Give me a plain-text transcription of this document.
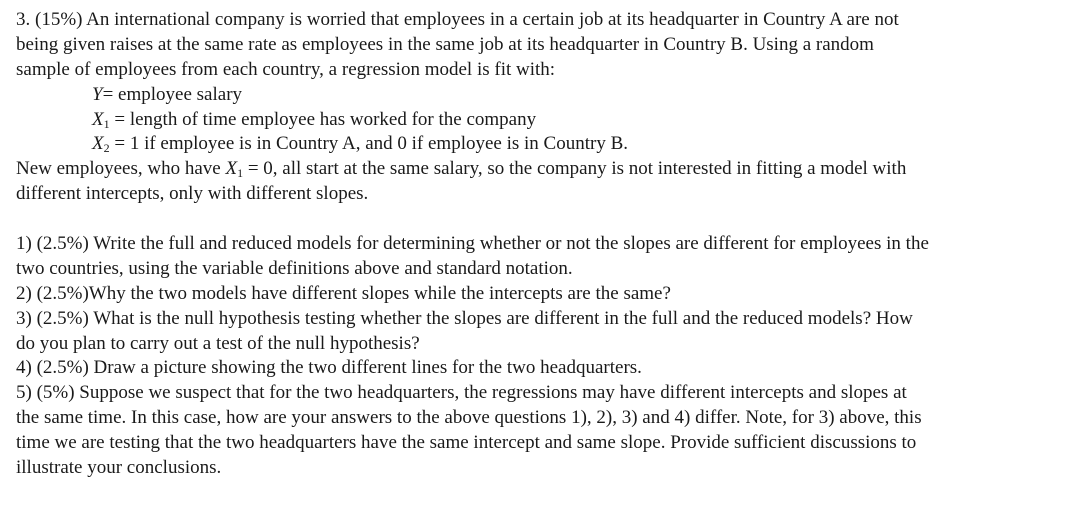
3. (15%) An international company is worried that employees in a certain job at its headquarter in Country A are not
being given raises at the same rate as employees in the same job at its headquarter in Country B. Using a random
sample of employees from each country, a regression model is fit with:
Y= employee salary
$X_1$ = length of time employee has worked for the company
$X_2 = 1$ if employee is in Country A, and 0 if employee is in Country B.
New employees, who have $X_1 = 0$, all start at the same salary, so the company is not interested in fitting a model with
different intercepts, only with different slopes.
1) (2.5%) Write the full and reduced models for determining whether or not the slopes are different for employees in the
two countries, using the variable definitions above and standard notation.
2) (2.5%)Why the two models have different slopes while the intercepts are the same?
3) (2.5%) What is the null hypothesis testing whether the slopes are different in the full and the reduced models? How
do you plan to carry out a test of the null hypothesis?
4) (2.5%) Draw a picture showing the two different lines for the two headquarters.
5) (5%) Suppose we suspect that for the two headquarters, the regressions may have different intercepts and slopes at
the same time. In this case, how are your answers to the above questions 1), 2), 3) and 4) differ. Note, for 3) above, this
time we are testing that the two headquarters have the same intercept and same slope. Provide sufficient discussions to
illustrate your conclusions.
